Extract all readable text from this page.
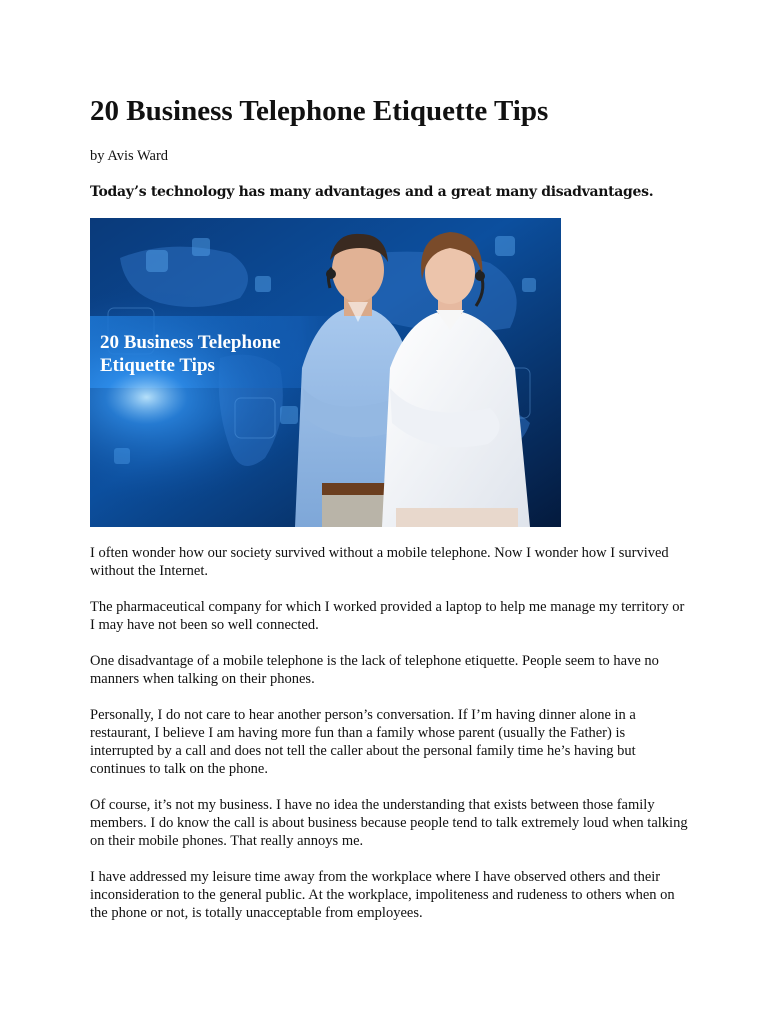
20 Business Telephone Etiquette Tips
by Avis Ward
Today’s technology has many advantages and a great many disadvantages.
20 Business Telephone
Etiquette Tips

I often wonder how our society survived without a mobile telephone. Now I wonder how I survived without the Internet.

The pharmaceutical company for which I worked provided a laptop to help me manage my territory or I may have not been so well connected.

One disadvantage of a mobile telephone is the lack of telephone etiquette. People seem to have no manners when talking on their phones.

Personally, I do not care to hear another person’s conversation. If I’m having dinner alone in a restaurant, I believe I am having more fun than a family whose parent (usually the Father) is interrupted by a call and does not tell the caller about the personal family time he’s having but continues to talk on the phone.

Of course, it’s not my business. I have no idea the understanding that exists between those family members. I do know the call is about business because people tend to talk extremely loud when talking on their mobile phones. That really annoys me.

I have addressed my leisure time away from the workplace where I have observed others and their inconsideration to the general public. At the workplace, impoliteness and rudeness to others when on the phone or not, is totally unacceptable from employees.
